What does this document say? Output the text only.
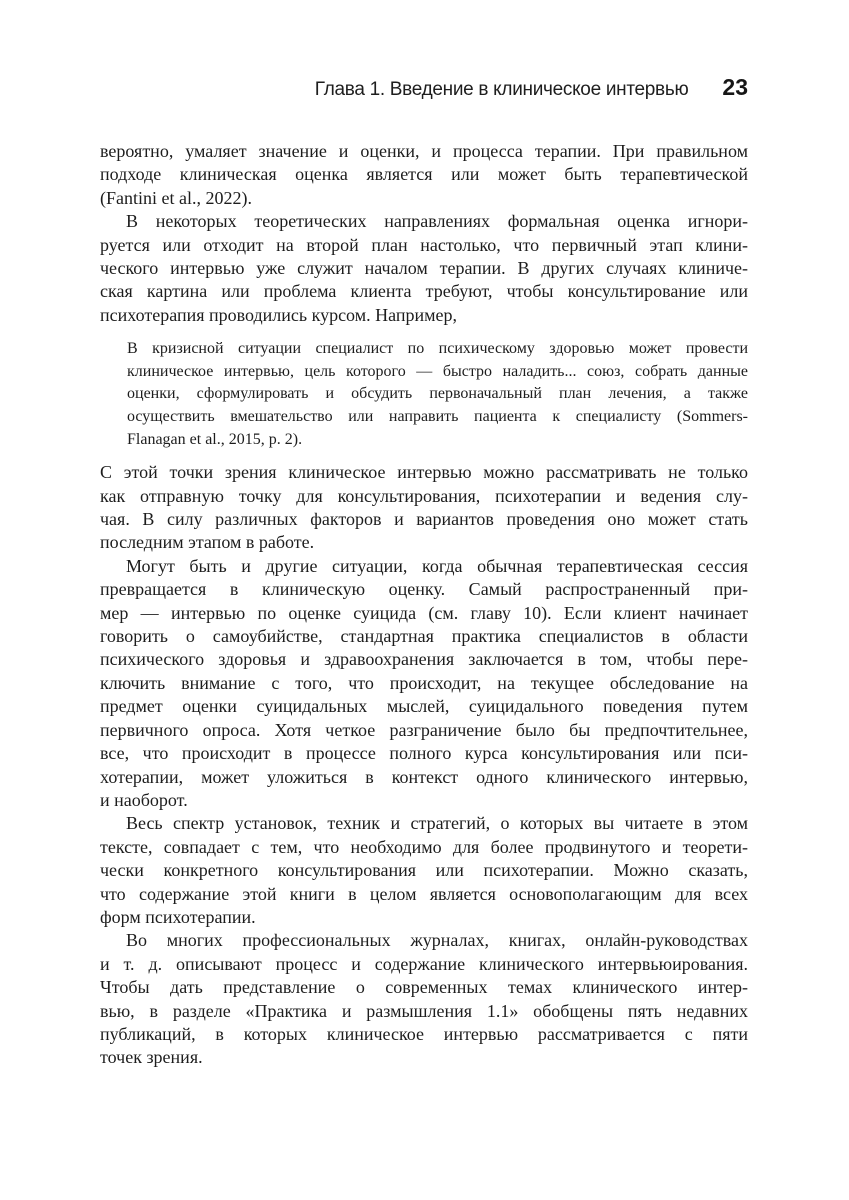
Глава 1. Введение в клиническое интервью 23
вероятно, умаляет значение и оценки, и процесса терапии. При правильном
подходе клиническая оценка является или может быть терапевтической
(Fantini et al., 2022).
В некоторых теоретических направлениях формальная оценка игнори-
руется или отходит на второй план настолько, что первичный этап клини-
ческого интервью уже служит началом терапии. В других случаях клиниче-
ская картина или проблема клиента требуют, чтобы консультирование или
психотерапия проводились курсом. Например,
В кризисной ситуации специалист по психическому здоровью может провести
клиническое интервью, цель которого — быстро наладить... союз, собрать данные
оценки, сформулировать и обсудить первоначальный план лечения, а также
осуществить вмешательство или направить пациента к специалисту (Sommers-
Flanagan et al., 2015, p. 2).
С этой точки зрения клиническое интервью можно рассматривать не только
как отправную точку для консультирования, психотерапии и ведения слу-
чая. В силу различных факторов и вариантов проведения оно может стать
последним этапом в работе.
Могут быть и другие ситуации, когда обычная терапевтическая сессия
превращается в клиническую оценку. Самый распространенный при-
мер — интервью по оценке суицида (см. главу 10). Если клиент начинает
говорить о самоубийстве, стандартная практика специалистов в области
психического здоровья и здравоохранения заключается в том, чтобы пере-
ключить внимание с того, что происходит, на текущее обследование на
предмет оценки суицидальных мыслей, суицидального поведения путем
первичного опроса. Хотя четкое разграничение было бы предпочтительнее,
все, что происходит в процессе полного курса консультирования или пси-
хотерапии, может уложиться в контекст одного клинического интервью,
и наоборот.
Весь спектр установок, техник и стратегий, о которых вы читаете в этом
тексте, совпадает с тем, что необходимо для более продвинутого и теорети-
чески конкретного консультирования или психотерапии. Можно сказать,
что содержание этой книги в целом является основополагающим для всех
форм психотерапии.
Во многих профессиональных журналах, книгах, онлайн-руководствах
и т. д. описывают процесс и содержание клинического интервьюирования.
Чтобы дать представление о современных темах клинического интер-
вью, в разделе «Практика и размышления 1.1» обобщены пять недавних
публикаций, в которых клиническое интервью рассматривается с пяти
точек зрения.
